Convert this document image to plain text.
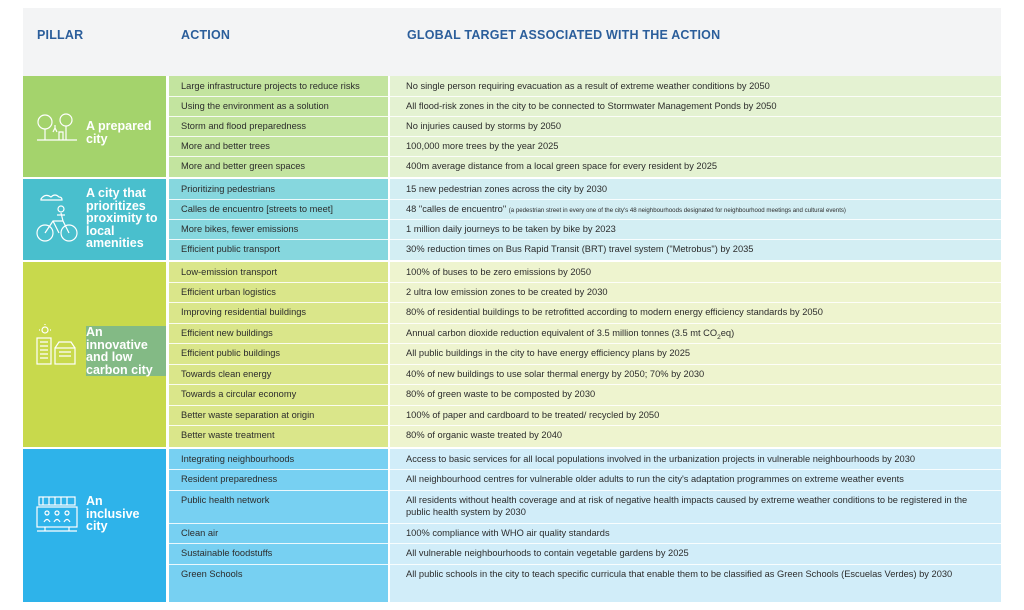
PILLAR	ACTION	GLOBAL TARGET ASSOCIATED WITH THE ACTION
A prepared city
Large infrastructure projects to reduce risks
Using the environment as a solution
Storm and flood preparedness
More and better trees
More and better green spaces
No single person requiring evacuation as a result of extreme weather conditions by 2050
All flood-risk zones in the city to be connected to Stormwater Management Ponds by 2050
No injuries caused by storms by 2050
100,000 more trees by the year 2025
400m average distance from a local green space for every resident by 2025
A city that prioritizes proximity to local amenities
Prioritizing pedestrians
Calles de encuentro [streets to meet]
More bikes, fewer emissions
Efficient public transport
15 new pedestrian zones across the city by 2030
48 "calles de encuentro" (a pedestrian street in every one of the city's 48 neighbourhoods designated for neighbourhood meetings and cultural events)
1 million daily journeys to be taken by bike by 2023
30% reduction times on Bus Rapid Transit (BRT) travel system ("Metrobus") by 2035
An innovative and low carbon city
Low-emission transport
Efficient urban logistics
Improving residential buildings
Efficient new buildings
Efficient public buildings
Towards clean energy
Towards a circular economy
Better waste separation at origin
Better waste treatment
100% of buses to be zero emissions by 2050
2 ultra low emission zones to be created by 2030
80% of residential buildings to be retrofitted according to modern energy efficiency standards by 2050
Annual carbon dioxide reduction equivalent of 3.5 million tonnes (3.5 mt $CO_2eq$)
All public buildings in the city to have energy efficiency plans by 2025
40% of new buildings to use solar thermal energy by 2050; 70% by 2030
80% of green waste to be composted by 2030
100% of paper and cardboard to be treated/ recycled by 2050
80% of organic waste treated by 2040
An inclusive city
Integrating neighbourhoods
Resident preparedness
Public health network
Clean air
Sustainable foodstuffs
Green Schools
Access to basic services for all local populations involved in the urbanization projects in vulnerable neighbourhoods by 2030
All neighbourhood centres for vulnerable older adults to run the city's adaptation programmes on extreme weather events
All residents without health coverage and at risk of negative health impacts caused by extreme weather conditions to be registered in the public health system by 2030
100% compliance with WHO air quality standards
All vulnerable neighbourhoods to contain vegetable gardens by 2025
All public schools in the city to teach specific curricula that enable them to be classified as Green Schools (Escuelas Verdes) by 2030
